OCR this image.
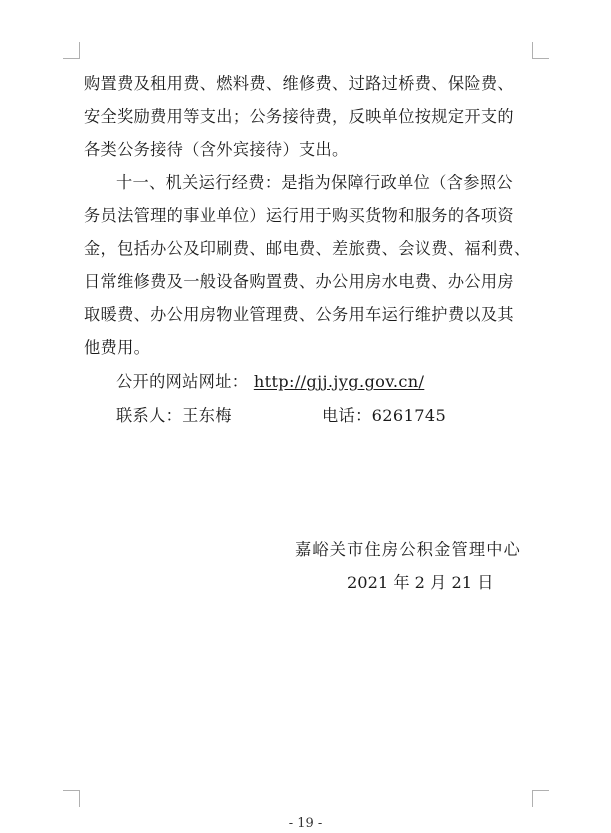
购置费及租用费、燃料费、维修费、过路过桥费、保险费、
安全奖励费用等支出；公务接待费，反映单位按规定开支的
各类公务接待（含外宾接待）支出。
十一、机关运行经费：是指为保障行政单位（含参照公
务员法管理的事业单位）运行用于购买货物和服务的各项资
金，包括办公及印刷费、邮电费、差旅费、会议费、福利费、
日常维修费及一般设备购置费、办公用房水电费、办公用房
取暖费、办公用房物业管理费、公务用车运行维护费以及其
他费用。
公开的网站网址： http://gjj.jyg.gov.cn/
联系人：王东梅	电话：6261745
嘉峪关市住房公积金管理中心
2021 年 2 月 21 日
- 19 -
